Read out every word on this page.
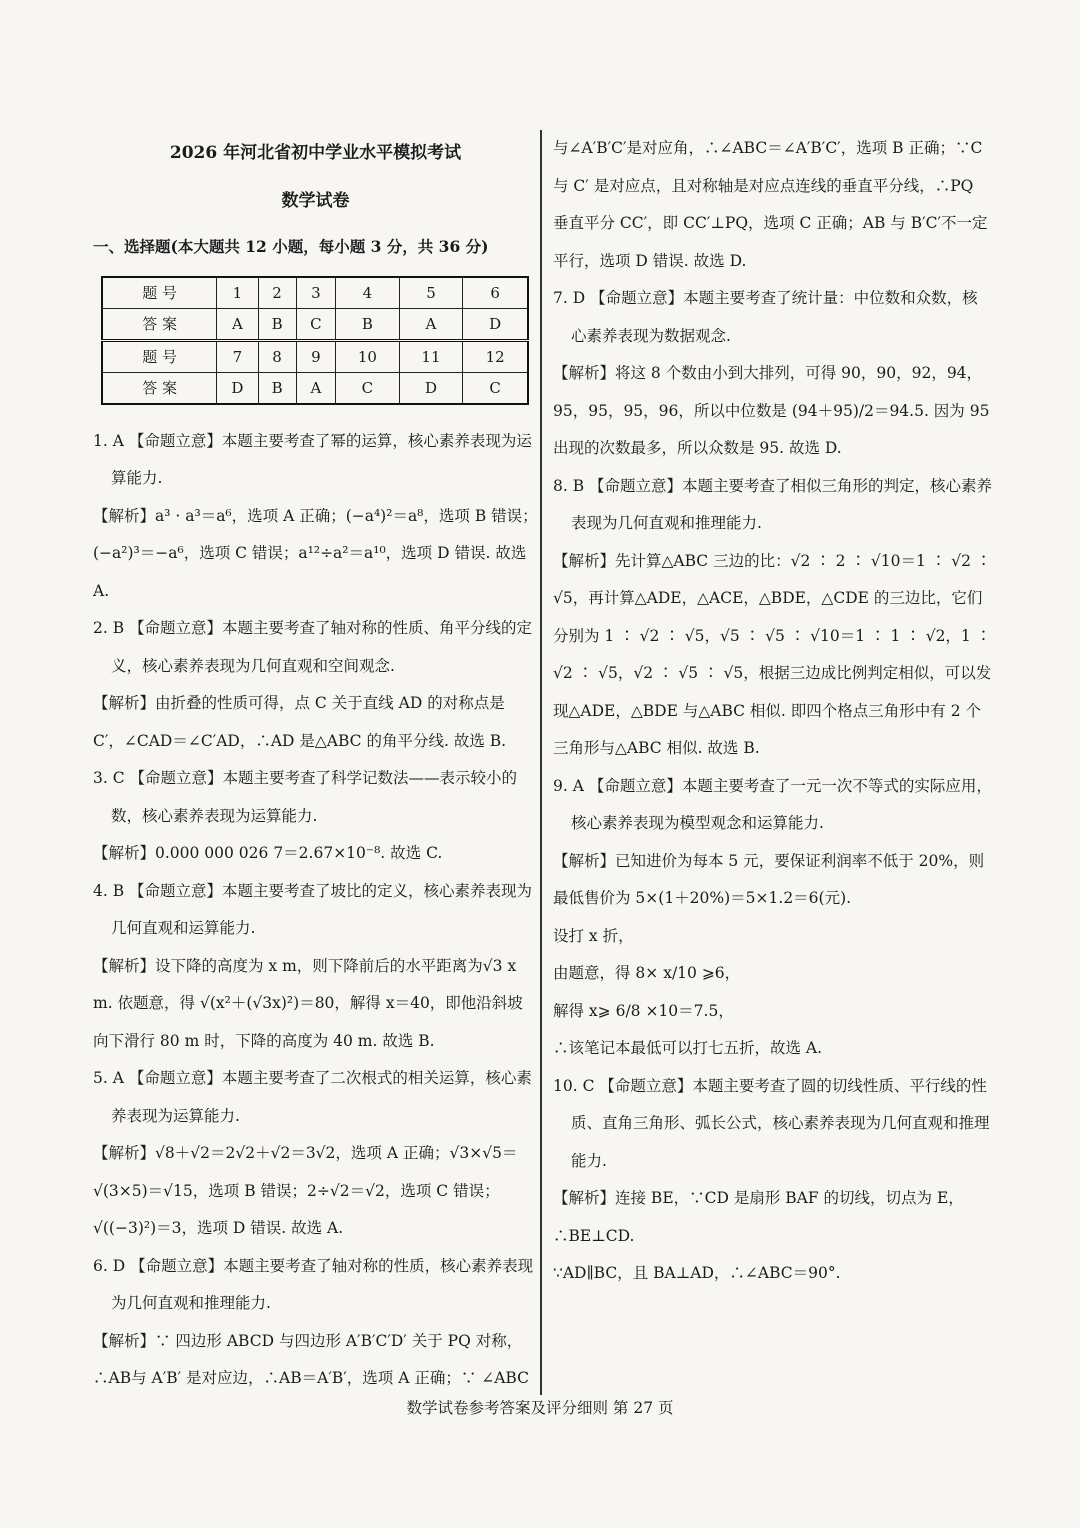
2026 年河北省初中学业水平模拟考试
数学试卷
一、选择题(本大题共 12 小题，每小题 3 分，共 36 分)
题 号	1	2	3	4	5	6
答 案	A	B	C	B	A	D
题 号	7	8	9	10	11	12
答 案	D	B	A	C	D	C
1. A 【命题立意】本题主要考查了幂的运算，核心素养表现为运算能力.
【解析】a³ · a³＝a⁶，选项 A 正确；(−a⁴)²＝a⁸，选项 B 错误；(−a²)³＝−a⁶，选项 C 错误；a¹²÷a²＝a¹⁰，选项 D 错误. 故选 A.
2. B 【命题立意】本题主要考查了轴对称的性质、角平分线的定义，核心素养表现为几何直观和空间观念.
【解析】由折叠的性质可得，点 C 关于直线 AD 的对称点是 C′，∠CAD＝∠C′AD，∴AD 是△ABC 的角平分线. 故选 B.
3. C 【命题立意】本题主要考查了科学记数法——表示较小的数，核心素养表现为运算能力.
【解析】0.000 000 026 7＝2.67×10⁻⁸. 故选 C.
4. B 【命题立意】本题主要考查了坡比的定义，核心素养表现为几何直观和运算能力.
【解析】设下降的高度为 x m，则下降前后的水平距离为√3 x m. 依题意，得 √(x²＋(√3x)²)＝80，解得 x＝40，即他沿斜坡向下滑行 80 m 时，下降的高度为 40 m. 故选 B.
5. A 【命题立意】本题主要考查了二次根式的相关运算，核心素养表现为运算能力.
【解析】√8＋√2＝2√2＋√2＝3√2，选项 A 正确；√3×√5＝√(3×5)＝√15，选项 B 错误；2÷√2＝√2，选项 C 错误；√((−3)²)＝3，选项 D 错误. 故选 A.
6. D 【命题立意】本题主要考查了轴对称的性质，核心素养表现为几何直观和推理能力.
【解析】∵ 四边形 ABCD 与四边形 A′B′C′D′ 关于 PQ 对称，∴AB与 A′B′ 是对应边，∴AB＝A′B′，选项 A 正确；∵ ∠ABC
与∠A′B′C′是对应角，∴∠ABC＝∠A′B′C′，选项 B 正确；∵C 与 C′ 是对应点，且对称轴是对应点连线的垂直平分线，∴PQ 垂直平分 CC′，即 CC′⊥PQ，选项 C 正确；AB 与 B′C′不一定平行，选项 D 错误. 故选 D.
7. D 【命题立意】本题主要考查了统计量：中位数和众数，核心素养表现为数据观念.
【解析】将这 8 个数由小到大排列，可得 90，90，92，94，95，95，95，96，所以中位数是 (94＋95)/2＝94.5. 因为 95 出现的次数最多，所以众数是 95. 故选 D.
8. B 【命题立意】本题主要考查了相似三角形的判定，核心素养表现为几何直观和推理能力.
【解析】先计算△ABC 三边的比：√2 ∶ 2 ∶ √10＝1 ∶ √2 ∶ √5，再计算△ADE，△ACE，△BDE，△CDE 的三边比，它们分别为 1 ∶ √2 ∶ √5，√5 ∶ √5 ∶ √10＝1 ∶ 1 ∶ √2，1 ∶ √2 ∶ √5，√2 ∶ √5 ∶ √5，根据三边成比例判定相似，可以发现△ADE，△BDE 与△ABC 相似. 即四个格点三角形中有 2 个三角形与△ABC 相似. 故选 B.
9. A 【命题立意】本题主要考查了一元一次不等式的实际应用，核心素养表现为模型观念和运算能力.
【解析】已知进价为每本 5 元，要保证利润率不低于 20%，则最低售价为 5×(1＋20%)＝5×1.2＝6(元).
设打 x 折，
由题意，得 8× x/10 ⩾6，
解得 x⩾ 6/8 ×10＝7.5，
∴该笔记本最低可以打七五折，故选 A.
10. C 【命题立意】本题主要考查了圆的切线性质、平行线的性质、直角三角形、弧长公式，核心素养表现为几何直观和推理能力.
【解析】连接 BE，∵CD 是扇形 BAF 的切线，切点为 E，∴BE⊥CD.
∵AD∥BC，且 BA⊥AD，∴∠ABC＝90°.
数学试卷参考答案及评分细则 第 27 页
